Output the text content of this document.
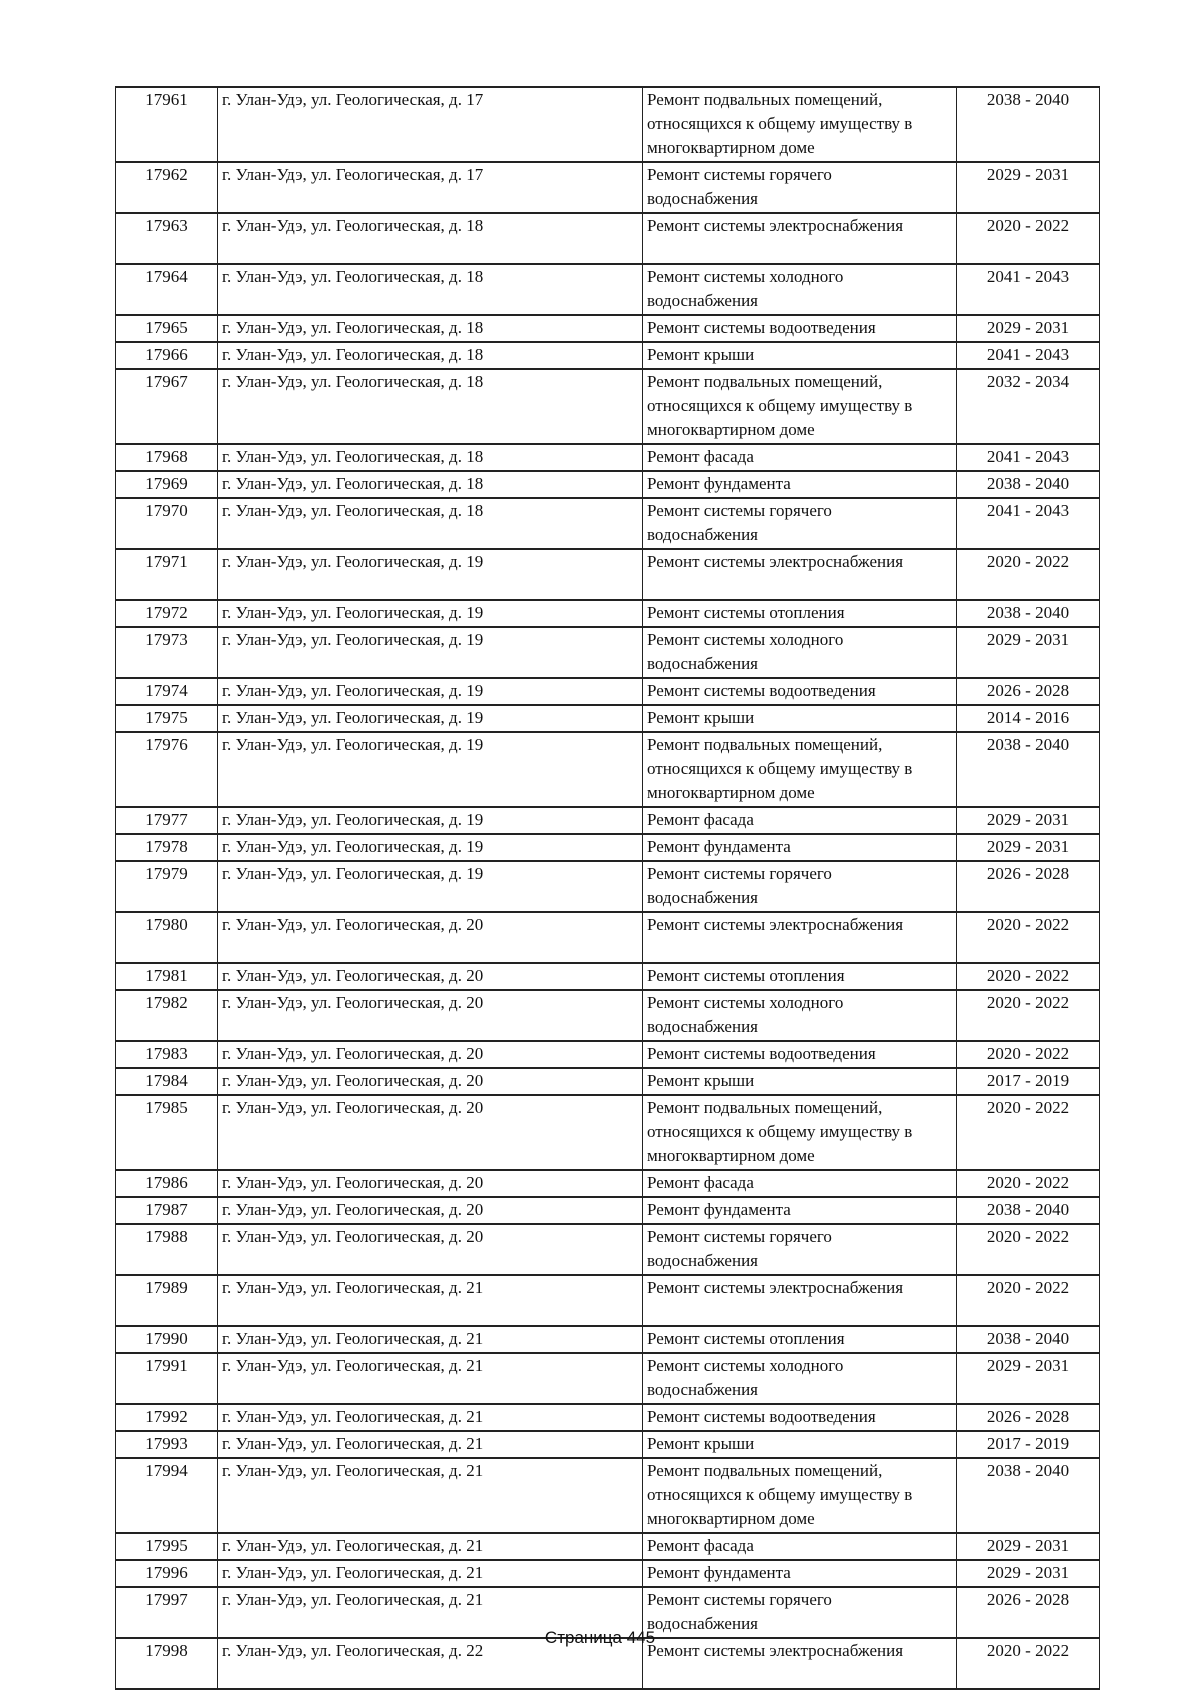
17961	г. Улан-Удэ, ул. Геологическая, д. 17	Ремонт подвальных помещений,
относящихся к общему имуществу в
многоквартирном доме	2038 - 2040
17962	г. Улан-Удэ, ул. Геологическая, д. 17	Ремонт системы горячего
водоснабжения	2029 - 2031
17963	г. Улан-Удэ, ул. Геологическая, д. 18	Ремонт системы электроснабжения	2020 - 2022
17964	г. Улан-Удэ, ул. Геологическая, д. 18	Ремонт системы холодного
водоснабжения	2041 - 2043
17965	г. Улан-Удэ, ул. Геологическая, д. 18	Ремонт системы водоотведения	2029 - 2031
17966	г. Улан-Удэ, ул. Геологическая, д. 18	Ремонт крыши	2041 - 2043
17967	г. Улан-Удэ, ул. Геологическая, д. 18	Ремонт подвальных помещений,
относящихся к общему имуществу в
многоквартирном доме	2032 - 2034
17968	г. Улан-Удэ, ул. Геологическая, д. 18	Ремонт фасада	2041 - 2043
17969	г. Улан-Удэ, ул. Геологическая, д. 18	Ремонт фундамента	2038 - 2040
17970	г. Улан-Удэ, ул. Геологическая, д. 18	Ремонт системы горячего
водоснабжения	2041 - 2043
17971	г. Улан-Удэ, ул. Геологическая, д. 19	Ремонт системы электроснабжения	2020 - 2022
17972	г. Улан-Удэ, ул. Геологическая, д. 19	Ремонт системы отопления	2038 - 2040
17973	г. Улан-Удэ, ул. Геологическая, д. 19	Ремонт системы холодного
водоснабжения	2029 - 2031
17974	г. Улан-Удэ, ул. Геологическая, д. 19	Ремонт системы водоотведения	2026 - 2028
17975	г. Улан-Удэ, ул. Геологическая, д. 19	Ремонт крыши	2014 - 2016
17976	г. Улан-Удэ, ул. Геологическая, д. 19	Ремонт подвальных помещений,
относящихся к общему имуществу в
многоквартирном доме	2038 - 2040
17977	г. Улан-Удэ, ул. Геологическая, д. 19	Ремонт фасада	2029 - 2031
17978	г. Улан-Удэ, ул. Геологическая, д. 19	Ремонт фундамента	2029 - 2031
17979	г. Улан-Удэ, ул. Геологическая, д. 19	Ремонт системы горячего
водоснабжения	2026 - 2028
17980	г. Улан-Удэ, ул. Геологическая, д. 20	Ремонт системы электроснабжения	2020 - 2022
17981	г. Улан-Удэ, ул. Геологическая, д. 20	Ремонт системы отопления	2020 - 2022
17982	г. Улан-Удэ, ул. Геологическая, д. 20	Ремонт системы холодного
водоснабжения	2020 - 2022
17983	г. Улан-Удэ, ул. Геологическая, д. 20	Ремонт системы водоотведения	2020 - 2022
17984	г. Улан-Удэ, ул. Геологическая, д. 20	Ремонт крыши	2017 - 2019
17985	г. Улан-Удэ, ул. Геологическая, д. 20	Ремонт подвальных помещений,
относящихся к общему имуществу в
многоквартирном доме	2020 - 2022
17986	г. Улан-Удэ, ул. Геологическая, д. 20	Ремонт фасада	2020 - 2022
17987	г. Улан-Удэ, ул. Геологическая, д. 20	Ремонт фундамента	2038 - 2040
17988	г. Улан-Удэ, ул. Геологическая, д. 20	Ремонт системы горячего
водоснабжения	2020 - 2022
17989	г. Улан-Удэ, ул. Геологическая, д. 21	Ремонт системы электроснабжения	2020 - 2022
17990	г. Улан-Удэ, ул. Геологическая, д. 21	Ремонт системы отопления	2038 - 2040
17991	г. Улан-Удэ, ул. Геологическая, д. 21	Ремонт системы холодного
водоснабжения	2029 - 2031
17992	г. Улан-Удэ, ул. Геологическая, д. 21	Ремонт системы водоотведения	2026 - 2028
17993	г. Улан-Удэ, ул. Геологическая, д. 21	Ремонт крыши	2017 - 2019
17994	г. Улан-Удэ, ул. Геологическая, д. 21	Ремонт подвальных помещений,
относящихся к общему имуществу в
многоквартирном доме	2038 - 2040
17995	г. Улан-Удэ, ул. Геологическая, д. 21	Ремонт фасада	2029 - 2031
17996	г. Улан-Удэ, ул. Геологическая, д. 21	Ремонт фундамента	2029 - 2031
17997	г. Улан-Удэ, ул. Геологическая, д. 21	Ремонт системы горячего
водоснабжения	2026 - 2028
17998	г. Улан-Удэ, ул. Геологическая, д. 22	Ремонт системы электроснабжения	2020 - 2022
Страница 445
